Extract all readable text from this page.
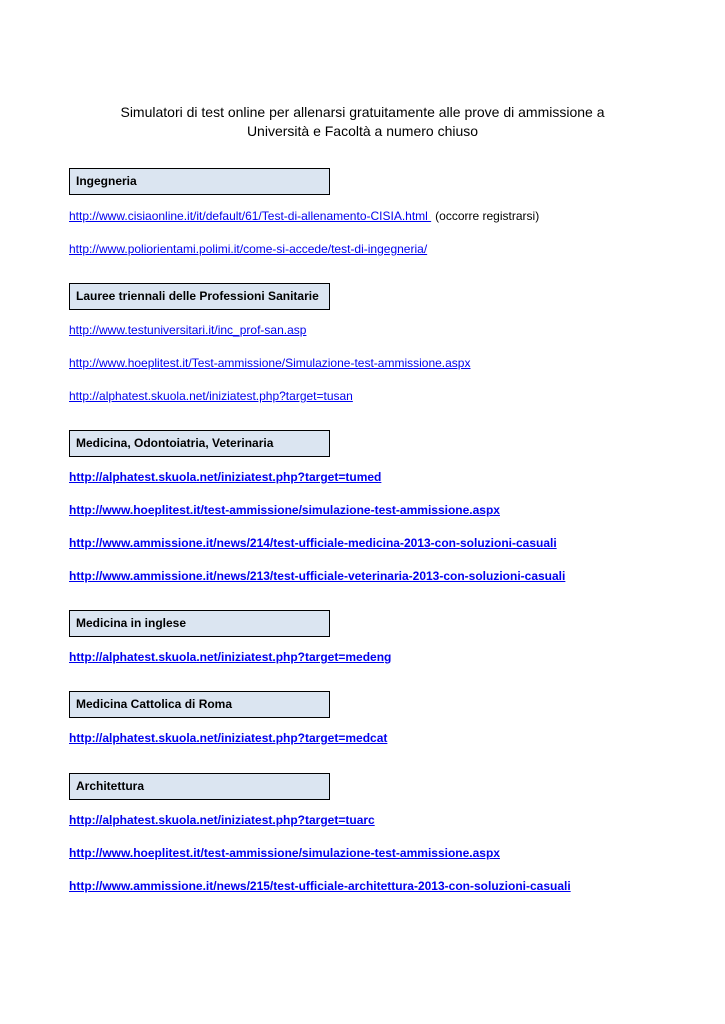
Simulatori di test online per allenarsi gratuitamente alle prove di ammissione a
Università e Facoltà a numero chiuso
Ingegneria
http://www.cisiaonline.it/it/default/61/Test-di-allenamento-CISIA.html (occorre registrarsi)
http://www.poliorientami.polimi.it/come-si-accede/test-di-ingegneria/
Lauree triennali delle Professioni Sanitarie
http://www.testuniversitari.it/inc_prof-san.asp
http://www.hoeplitest.it/Test-ammissione/Simulazione-test-ammissione.aspx
http://alphatest.skuola.net/iniziatest.php?target=tusan
Medicina, Odontoiatria, Veterinaria
http://alphatest.skuola.net/iniziatest.php?target=tumed
http://www.hoeplitest.it/test-ammissione/simulazione-test-ammissione.aspx
http://www.ammissione.it/news/214/test-ufficiale-medicina-2013-con-soluzioni-casuali
http://www.ammissione.it/news/213/test-ufficiale-veterinaria-2013-con-soluzioni-casuali
Medicina in inglese
http://alphatest.skuola.net/iniziatest.php?target=medeng
Medicina Cattolica di Roma
http://alphatest.skuola.net/iniziatest.php?target=medcat
Architettura
http://alphatest.skuola.net/iniziatest.php?target=tuarc
http://www.hoeplitest.it/test-ammissione/simulazione-test-ammissione.aspx
http://www.ammissione.it/news/215/test-ufficiale-architettura-2013-con-soluzioni-casuali
